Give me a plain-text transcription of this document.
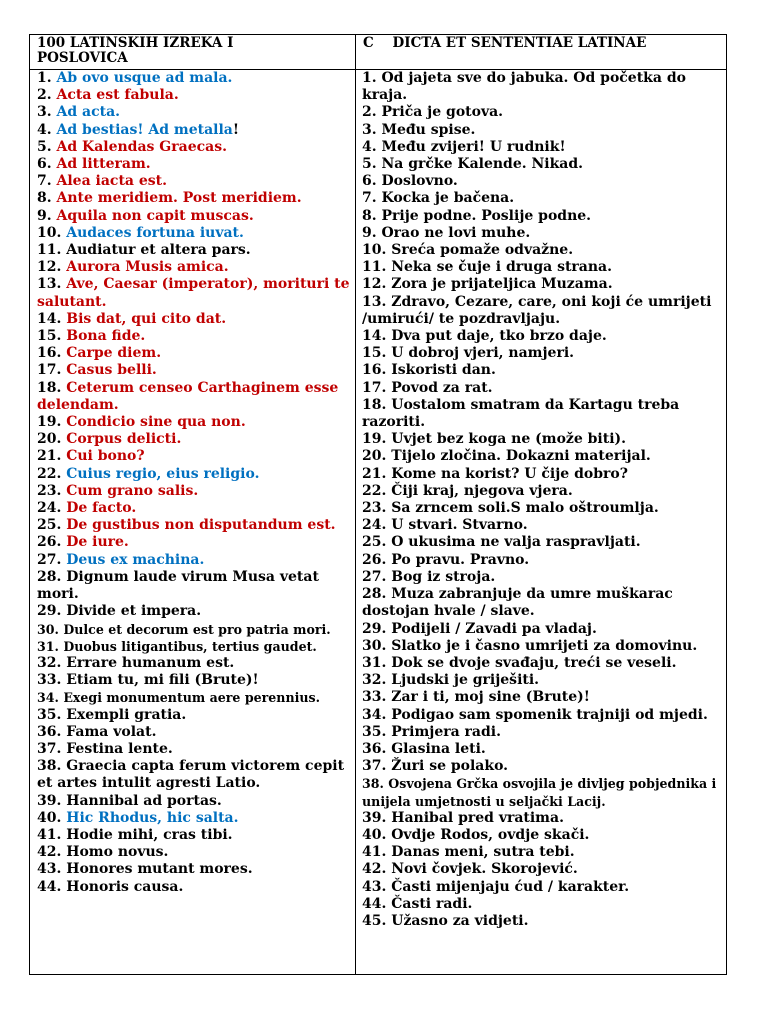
100 LATINSKIH IZREKA I
POSLOVICA
C    DICTA ET SENTENTIAE LATINAE
1. Ab ovo usque ad mala.
2. Acta est fabula.
3. Ad acta.
4. Ad bestias! Ad metalla!
5. Ad Kalendas Graecas.
6. Ad litteram.
7. Alea iacta est.
8. Ante meridiem. Post meridiem.
9. Aquila non capit muscas.
10. Audaces fortuna iuvat.
11. Audiatur et altera pars.
12. Aurora Musis amica.
13. Ave, Caesar (imperator), morituri te salutant.
14. Bis dat, qui cito dat.
15. Bona fide.
16. Carpe diem.
17. Casus belli.
18. Ceterum censeo Carthaginem esse
delendam.
19. Condicio sine qua non.
20. Corpus delicti.
21. Cui bono?
22. Cuius regio, eius religio.
23. Cum grano salis.
24. De facto.
25. De gustibus non disputandum est.
26. De iure.
27. Deus ex machina.
28. Dignum laude virum Musa vetat mori.
29. Divide et impera.
30. Dulce et decorum est pro patria mori.
31. Duobus litigantibus, tertius gaudet.
32. Errare humanum est.
33. Etiam tu, mi fili (Brute)!
34. Exegi monumentum aere perennius.
35. Exempli gratia.
36. Fama volat.
37. Festina lente.
38. Graecia capta ferum victorem cepit et artes intulit agresti Latio.
39. Hannibal ad portas.
40. Hic Rhodus, hic salta.
41. Hodie mihi, cras tibi.
42. Homo novus.
43. Honores mutant mores.
44. Honoris causa.
1. Od jajeta sve do jabuka. Od početka do kraja.
2. Priča je gotova.
3. Među spise.
4. Među zvijeri! U rudnik!
5. Na grčke Kalende. Nikad.
6. Doslovno.
7. Kocka je bačena.
8. Prije podne. Poslije podne.
9. Orao ne lovi muhe.
10. Sreća pomaže odvažne.
11. Neka se čuje i druga strana.
12. Zora je prijateljica Muzama.
13. Zdravo, Cezare, care, oni koji će umrijeti /umirući/ te pozdravljaju.
14. Dva put daje, tko brzo daje.
15. U dobroj vjeri, namjeri.
16. Iskoristi dan.
17. Povod za rat.
18. Uostalom smatram da Kartagu treba razoriti.
19. Uvjet bez koga ne (može biti).
20. Tijelo zločina. Dokazni materijal.
21. Kome na korist? U čije dobro?
22. Čiji kraj, njegova vjera.
23. Sa zrncem soli.S malo oštroumlja.
24. U stvari. Stvarno.
25. O ukusima ne valja raspravljati.
26. Po pravu. Pravno.
27. Bog iz stroja.
28. Muza zabranjuje da umre muškarac dostojan hvale / slave.
29. Podijeli / Zavadi pa vladaj.
30. Slatko je i časno umrijeti za domovinu.
31. Dok se dvoje svađaju, treći se veseli.
32. Ljudski je griješiti.
33. Zar i ti, moj sine (Brute)!
34. Podigao sam spomenik trajniji od mjedi.
35. Primjera radi.
36. Glasina leti.
37. Žuri se polako.
38. Osvojena Grčka osvojila je divljeg pobjednika i unijela umjetnosti u seljački Lacij.
39. Hanibal pred vratima.
40. Ovdje Rodos, ovdje skači.
41. Danas meni, sutra tebi.
42. Novi čovjek. Skorojević.
43. Časti mijenjaju ćud / karakter.
44. Časti radi.
45. Užasno za vidjeti.
